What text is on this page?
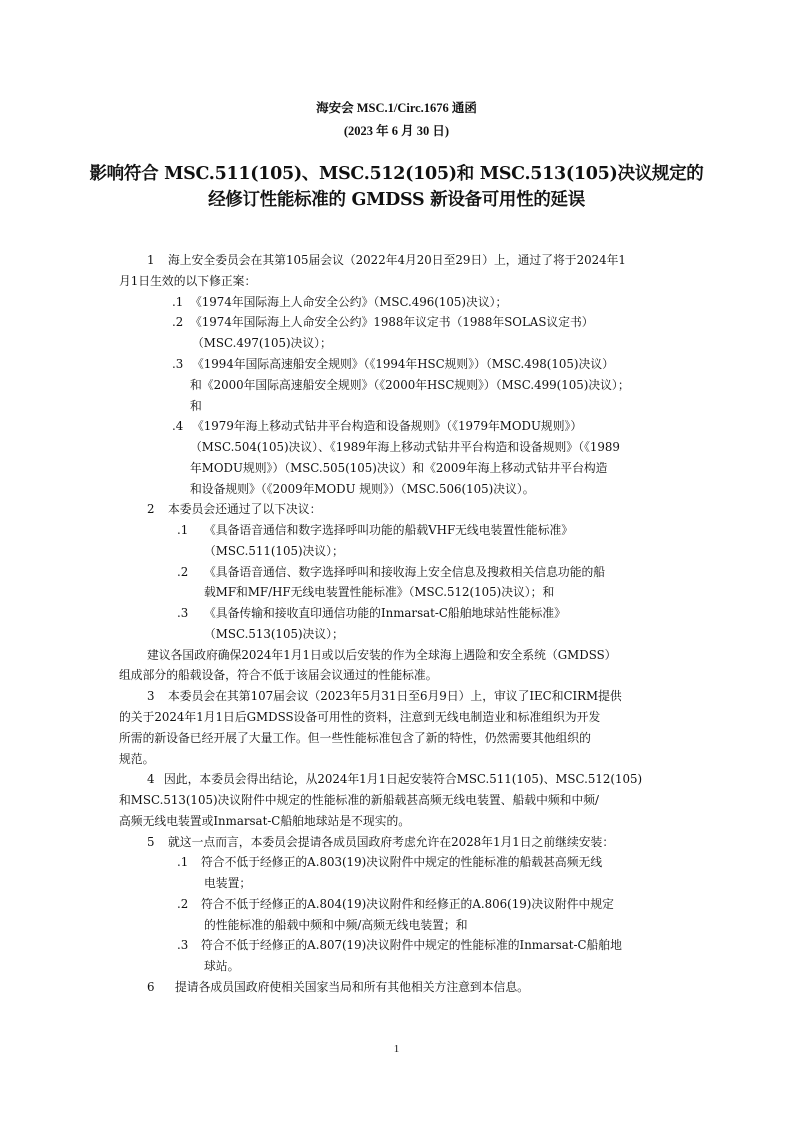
海安会 MSC.1/Circ.1676 通函
(2023 年 6 月 30 日)
影响符合 MSC.511(105)、MSC.512(105)和 MSC.513(105)决议规定的
经修订性能标准的 GMDSS 新设备可用性的延误
1 海上安全委员会在其第105届会议（2022年4月20日至29日）上，通过了将于2024年1
月1日生效的以下修正案：
.1 《1974年国际海上人命安全公约》（MSC.496(105)决议）；
.2 《1974年国际海上人命安全公约》1988年议定书（1988年SOLAS议定书）
（MSC.497(105)决议）；
.3 《1994年国际高速船安全规则》（《1994年HSC规则》）（MSC.498(105)决议）
和《2000年国际高速船安全规则》（《2000年HSC规则》）（MSC.499(105)决议）；
和
.4 《1979年海上移动式钻井平台构造和设备规则》（《1979年MODU规则》）
（MSC.504(105)决议）、《1989年海上移动式钻井平台构造和设备规则》（《1989
年MODU规则》）（MSC.505(105)决议）和《2009年海上移动式钻井平台构造
和设备规则》（《2009年MODU 规则》）（MSC.506(105)决议）。
2 本委员会还通过了以下决议：
.1 《具备语音通信和数字选择呼叫功能的船载VHF无线电装置性能标准》
（MSC.511(105)决议）；
.2 《具备语音通信、数字选择呼叫和接收海上安全信息及搜救相关信息功能的船
载MF和MF/HF无线电装置性能标准》（MSC.512(105)决议）；和
.3 《具备传输和接收直印通信功能的Inmarsat-C船舶地球站性能标准》
（MSC.513(105)决议）；
建议各国政府确保2024年1月1日或以后安装的作为全球海上遇险和安全系统（GMDSS）
组成部分的船载设备，符合不低于该届会议通过的性能标准。
3 本委员会在其第107届会议（2023年5月31日至6月9日）上，审议了IEC和CIRM提供
的关于2024年1月1日后GMDSS设备可用性的资料，注意到无线电制造业和标准组织为开发
所需的新设备已经开展了大量工作。但一些性能标准包含了新的特性，仍然需要其他组织的
规范。
4 因此，本委员会得出结论，从2024年1月1日起安装符合MSC.511(105)、MSC.512(105)
和MSC.513(105)决议附件中规定的性能标准的新船载甚高频无线电装置、船载中频和中频/
高频无线电装置或Inmarsat-C船舶地球站是不现实的。
5 就这一点而言，本委员会提请各成员国政府考虑允许在2028年1月1日之前继续安装：
.1 符合不低于经修正的A.803(19)决议附件中规定的性能标准的船载甚高频无线
电装置；
.2 符合不低于经修正的A.804(19)决议附件和经修正的A.806(19)决议附件中规定
的性能标准的船载中频和中频/高频无线电装置；和
.3 符合不低于经修正的A.807(19)决议附件中规定的性能标准的Inmarsat-C船舶地
球站。
6 提请各成员国政府使相关国家当局和所有其他相关方注意到本信息。
1
